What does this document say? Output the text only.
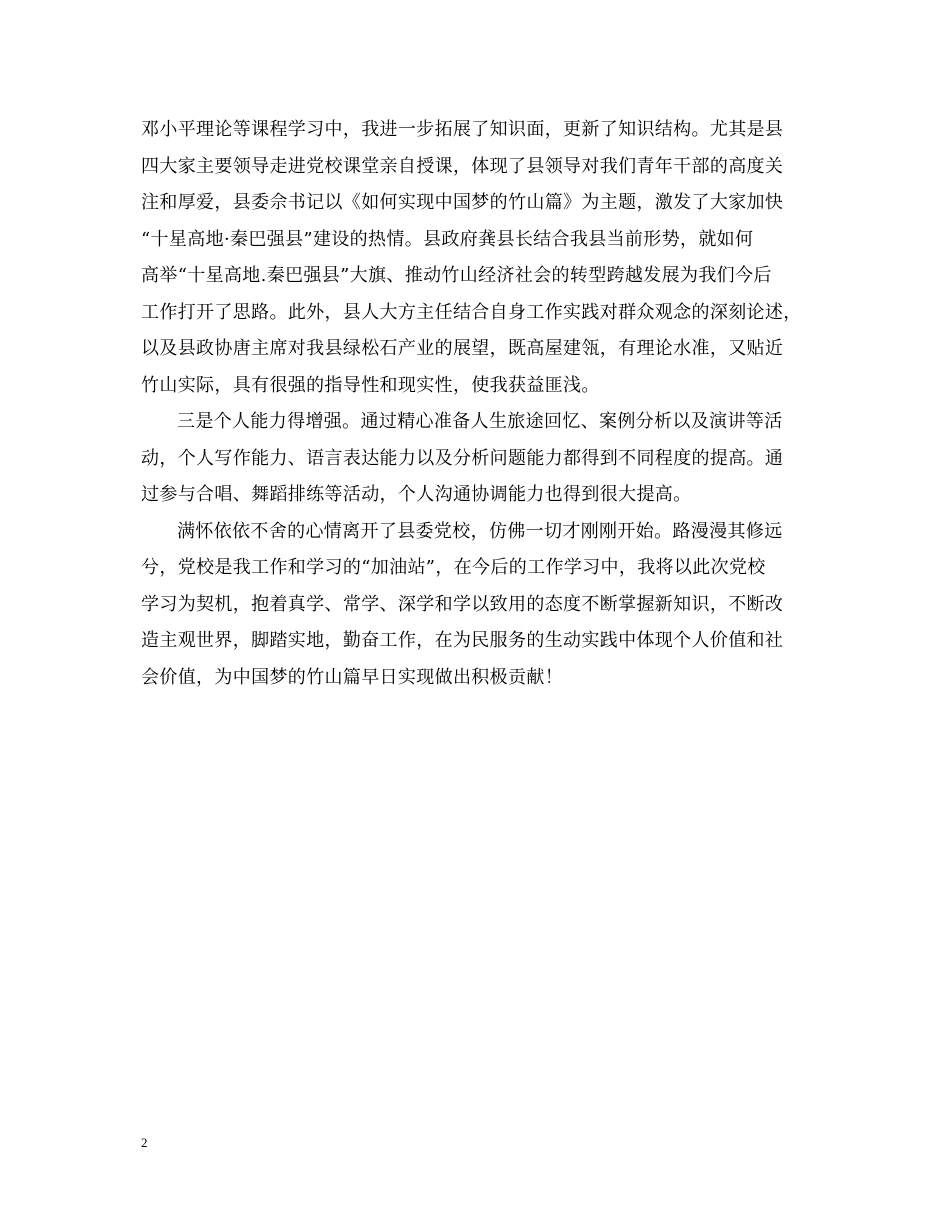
邓小平理论等课程学习中，我进一步拓展了知识面，更新了知识结构。尤其是县
四大家主要领导走进党校课堂亲自授课，体现了县领导对我们青年干部的高度关
注和厚爱，县委佘书记以《如何实现中国梦的竹山篇》为主题，激发了大家加快
“十星高地·秦巴强县”建设的热情。县政府龚县长结合我县当前形势，就如何
高举“十星高地.秦巴强县”大旗、推动竹山经济社会的转型跨越发展为我们今后
工作打开了思路。此外，县人大方主任结合自身工作实践对群众观念的深刻论述，
以及县政协唐主席对我县绿松石产业的展望，既高屋建瓴，有理论水准，又贴近
竹山实际，具有很强的指导性和现实性，使我获益匪浅。
三是个人能力得增强。通过精心准备人生旅途回忆、案例分析以及演讲等活
动，个人写作能力、语言表达能力以及分析问题能力都得到不同程度的提高。通
过参与合唱、舞蹈排练等活动，个人沟通协调能力也得到很大提高。
满怀依依不舍的心情离开了县委党校，仿佛一切才刚刚开始。路漫漫其修远
兮，党校是我工作和学习的“加油站”，在今后的工作学习中，我将以此次党校
学习为契机，抱着真学、常学、深学和学以致用的态度不断掌握新知识，不断改
造主观世界，脚踏实地，勤奋工作，在为民服务的生动实践中体现个人价值和社
会价值，为中国梦的竹山篇早日实现做出积极贡献！
2
